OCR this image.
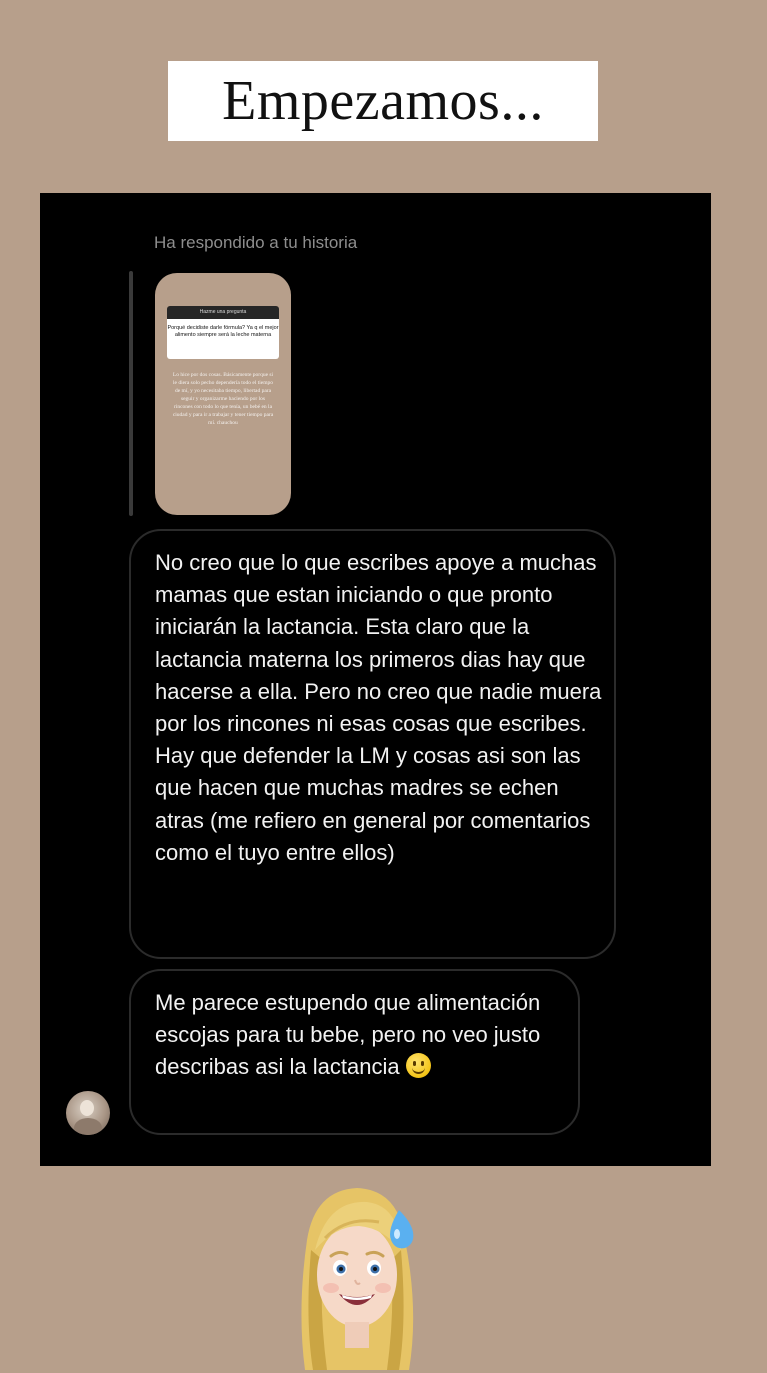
Empezamos...
Ha respondido a tu historia
Hazme una pregunta
Porqué decidiste darle fórmula? Ya q el mejor alimento siempre será la leche materna
Lo hice por dos cosas. Básicamente porque si le diera solo pecho dependería todo el tiempo de mí, y yo necesitaba tiempo, libertad para seguir y organizarme haciendo por los rincones con todo lo que tenía, un bebé en la ciudad y para ir a trabajar y tener tiempo para mí. chauchou
No creo que lo que escribes apoye a muchas mamas que estan iniciando o que pronto iniciarán la lactancia. Esta claro que la lactancia materna los primeros dias hay que hacerse a ella. Pero no creo que nadie muera por los rincones ni esas cosas que escribes. Hay que defender la LM y cosas asi son las que hacen que muchas madres se echen atras (me refiero en general por comentarios como el tuyo entre ellos)
Me parece estupendo que alimentación escojas para tu bebe, pero no veo justo describas asi la lactancia
